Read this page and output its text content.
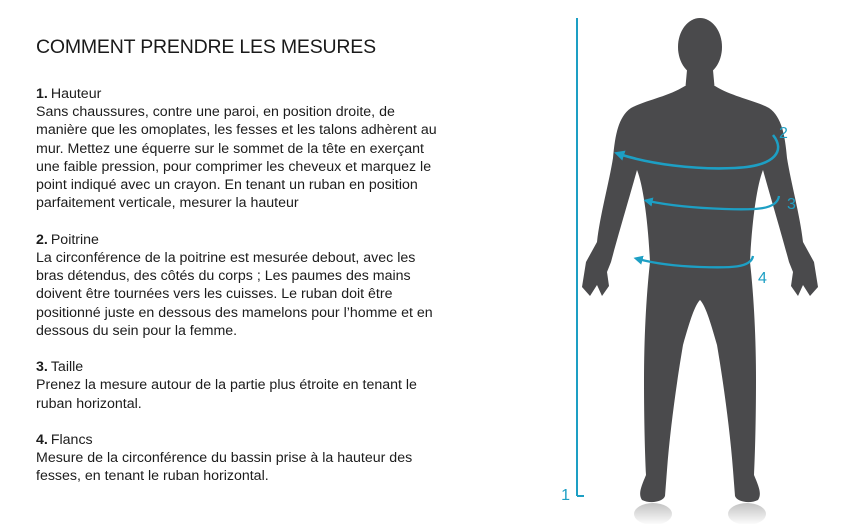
COMMENT PRENDRE LES MESURES
1. Hauteur

Sans chaussures, contre une paroi, en position droite, de manière que les omoplates, les fesses et les talons adhèrent au mur. Mettez une équerre sur le sommet de la tête en exerçant une faible pression, pour comprimer les cheveux et marquez le point indiqué avec un crayon. En tenant un ruban en position parfaitement verticale, mesurer la hauteur

2. Poitrine

La circonférence de la poitrine est mesurée debout, avec les bras détendus, des côtés du corps ; Les paumes des mains doivent être tournées vers les cuisses. Le ruban doit être positionné juste en dessous des mamelons pour l’homme et en dessous du sein pour la femme.

3. Taille

Prenez la mesure autour de la partie plus étroite en tenant le ruban horizontal.

4. Flancs

Mesure de la circonférence du bassin prise à la hauteur des fesses, en tenant le ruban horizontal.

1
2
3
4
